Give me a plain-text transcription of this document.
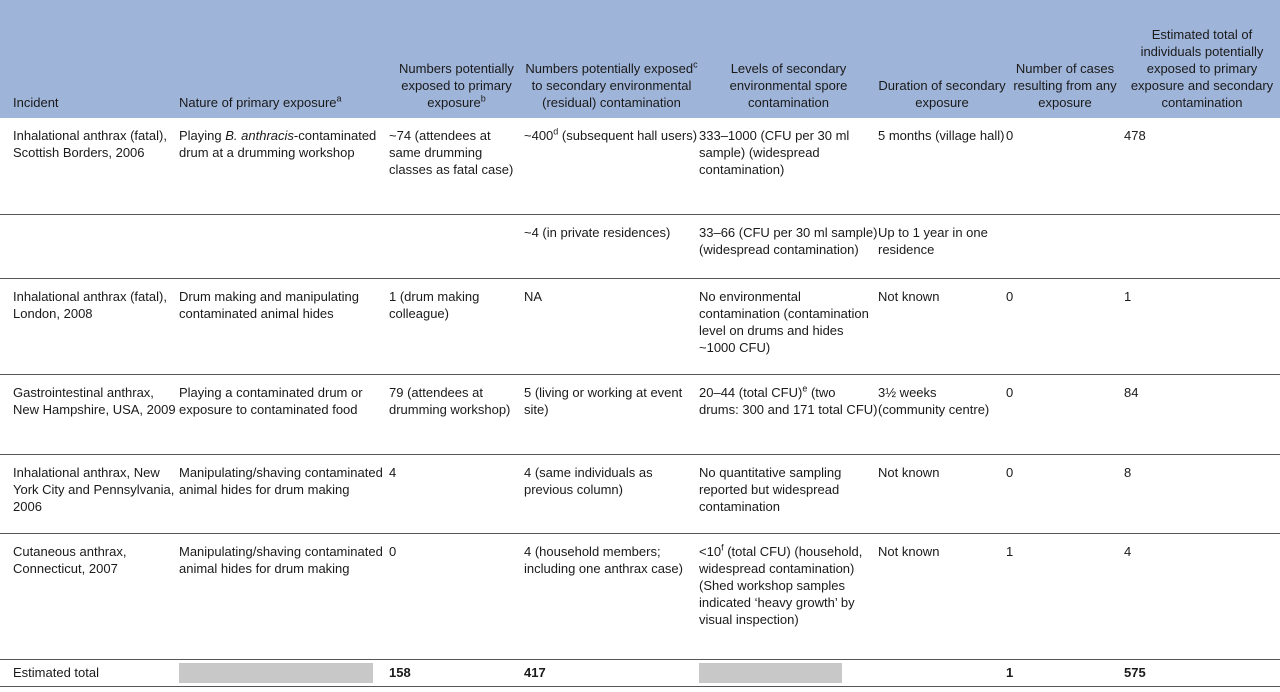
Incident	Nature of primary exposure$^a$	Numbers potentially exposed to primary exposure$^b$	Numbers potentially exposed$^c$ to secondary environmental (residual) contamination	Levels of secondary environmental spore contamination	Duration of secondary exposure	Number of cases resulting from any exposure	Estimated total of individuals potentially exposed to primary exposure and secondary contamination
Inhalational anthrax (fatal), Scottish Borders, 2006	Playing B. anthracis-contaminated drum at a drumming workshop	~74 (attendees at same drumming classes as fatal case)	~400$^d$ (subsequent hall users)	333–1000 (CFU per 30 ml sample) (widespread contamination)	5 months (village hall)	0	478
			~4 (in private residences)	33–66 (CFU per 30 ml sample) (widespread contamination)	Up to 1 year in one residence		
Inhalational anthrax (fatal), London, 2008	Drum making and manipulating contaminated animal hides	1 (drum making colleague)	NA	No environmental contamination (contamination level on drums and hides ~1000 CFU)	Not known	0	1
Gastrointestinal anthrax, New Hampshire, USA, 2009	Playing a contaminated drum or exposure to contaminated food	79 (attendees at drumming workshop)	5 (living or working at event site)	20–44 (total CFU)$^e$ (two drums: 300 and 171 total CFU)	3½ weeks (community centre)	0	84
Inhalational anthrax, New York City and Pennsylvania, 2006	Manipulating/shaving contaminated animal hides for drum making	4	4 (same individuals as previous column)	No quantitative sampling reported but widespread contamination	Not known	0	8
Cutaneous anthrax, Connecticut, 2007	Manipulating/shaving contaminated animal hides for drum making	0	4 (household members; including one anthrax case)	$<10^f$ (total CFU) (household, widespread contamination) (Shed workshop samples indicated ‘heavy growth’ by visual inspection)	Not known	1	4
Estimated total		158	417			1	575
